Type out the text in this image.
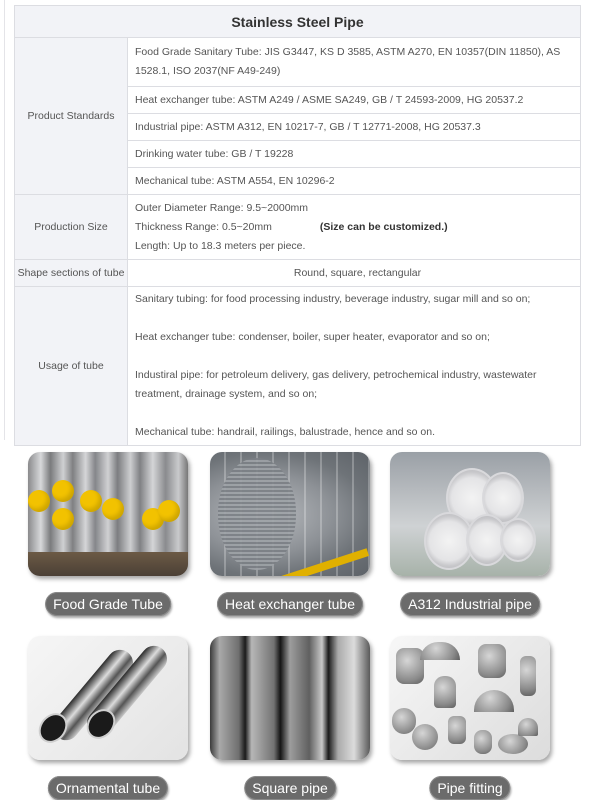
Stainless Steel Pipe	
Product Standards	Food Grade Sanitary Tube: JIS G3447, KS D 3585, ASTM A270, EN 10357(DIN 11850), AS 1528.1, ISO 2037(NF A49-249)
	Heat exchanger tube: ASTM A249 / ASME SA249, GB / T 24593-2009, HG 20537.2
	Industrial pipe: ASTM A312, EN 10217-7, GB / T 12771-2008, HG 20537.3
	Drinking water tube: GB / T 19228
	Mechanical tube: ASTM A554, EN 10296-2
Production Size	Outer Diameter Range: 9.5~2000mm
Thickness Range: 0.5~20mm (Size can be customized.)
Length: Up to 18.3 meters per piece.

Shape sections of tube	Round, square, rectangular
Usage of tube	Sanitary tubing: for food processing industry, beverage industry, sugar mill and so on;
Heat exchanger tube: condenser, boiler, super heater, evaporator and so on;
Industiral pipe: for petroleum delivery, gas delivery, petrochemical industry, wastewater treatment, drainage system, and so on;
Mechanical tube: handrail, railings, balustrade, hence and so on.
Food Grade Tube	Heat exchanger tube	A312 Industrial pipe
Ornamental tube	Square pipe	Pipe fitting
